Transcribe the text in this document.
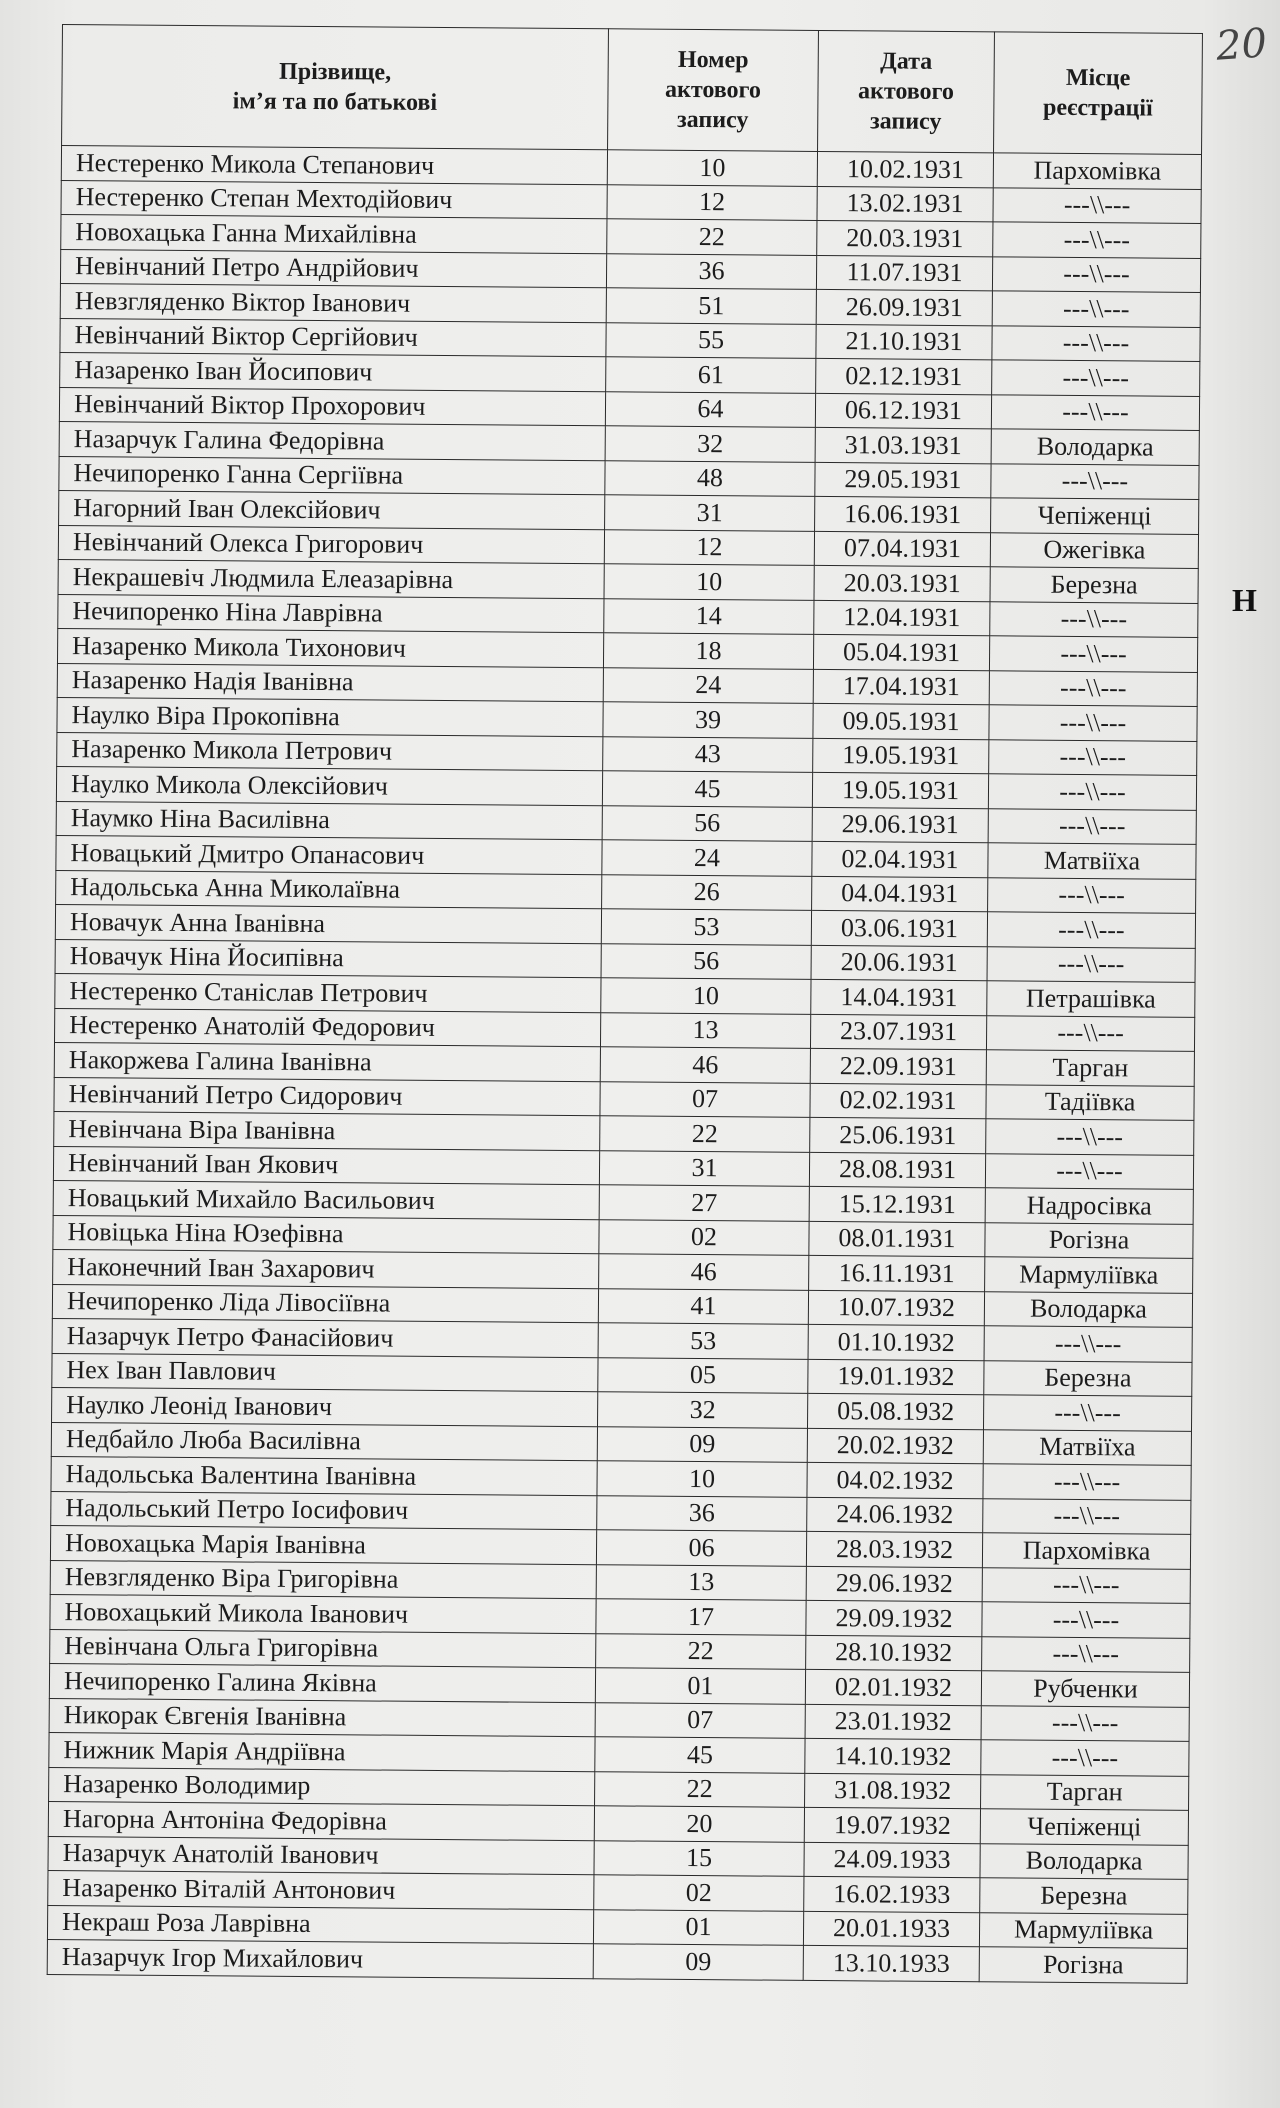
20
Н
Прізвище,
ім’я та по батькові	Номер
актового
запису	Дата
актового
запису	Місце
реєстрації

Нестеренко Микола Степанович	10	10.02.1931	Пархомівка
Нестеренко Степан Мехтодійович	12	13.02.1931	---\\---
Новохацька Ганна Михайлівна	22	20.03.1931	---\\---
Невінчаний Петро Андрійович	36	11.07.1931	---\\---
Невзгляденко Віктор Іванович	51	26.09.1931	---\\---
Невінчаний Віктор Сергійович	55	21.10.1931	---\\---
Назаренко Іван Йосипович	61	02.12.1931	---\\---
Невінчаний Віктор Прохорович	64	06.12.1931	---\\---
Назарчук Галина Федорівна	32	31.03.1931	Володарка
Нечипоренко Ганна Сергіївна	48	29.05.1931	---\\---
Нагорний Іван Олексійович	31	16.06.1931	Чепіженці
Невінчаний Олекса Григорович	12	07.04.1931	Ожегівка
Некрашевіч Людмила Елеазарівна	10	20.03.1931	Березна
Нечипоренко Ніна Лаврівна	14	12.04.1931	---\\---
Назаренко Микола Тихонович	18	05.04.1931	---\\---
Назаренко Надія Іванівна	24	17.04.1931	---\\---
Наулко Віра Прокопівна	39	09.05.1931	---\\---
Назаренко Микола Петрович	43	19.05.1931	---\\---
Наулко Микола Олексійович	45	19.05.1931	---\\---
Наумко Ніна Василівна	56	29.06.1931	---\\---
Новацький Дмитро Опанасович	24	02.04.1931	Матвіїха
Надольська Анна Миколаївна	26	04.04.1931	---\\---
Новачук Анна Іванівна	53	03.06.1931	---\\---
Новачук Ніна Йосипівна	56	20.06.1931	---\\---
Нестеренко Станіслав Петрович	10	14.04.1931	Петрашівка
Нестеренко Анатолій Федорович	13	23.07.1931	---\\---
Накоржева Галина Іванівна	46	22.09.1931	Тарган
Невінчаний Петро Сидорович	07	02.02.1931	Тадіївка
Невінчана Віра Іванівна	22	25.06.1931	---\\---
Невінчаний Іван Якович	31	28.08.1931	---\\---
Новацький Михайло Васильович	27	15.12.1931	Надросівка
Новіцька Ніна Юзефівна	02	08.01.1931	Рогізна
Наконечний Іван Захарович	46	16.11.1931	Мармуліївка
Нечипоренко Ліда Лівосіївна	41	10.07.1932	Володарка
Назарчук Петро Фанасійович	53	01.10.1932	---\\---
Нех Іван Павлович	05	19.01.1932	Березна
Наулко Леонід Іванович	32	05.08.1932	---\\---
Недбайло Люба Василівна	09	20.02.1932	Матвіїха
Надольська Валентина Іванівна	10	04.02.1932	---\\---
Надольський Петро Іосифович	36	24.06.1932	---\\---
Новохацька Марія Іванівна	06	28.03.1932	Пархомівка
Невзгляденко Віра Григорівна	13	29.06.1932	---\\---
Новохацький Микола Іванович	17	29.09.1932	---\\---
Невінчана Ольга Григорівна	22	28.10.1932	---\\---
Нечипоренко Галина Яківна	01	02.01.1932	Рубченки
Никорак Євгенія Іванівна	07	23.01.1932	---\\---
Нижник Марія Андріївна	45	14.10.1932	---\\---
Назаренко Володимир	22	31.08.1932	Тарган
Нагорна Антоніна Федорівна	20	19.07.1932	Чепіженці
Назарчук Анатолій Іванович	15	24.09.1933	Володарка
Назаренко Віталій Антонович	02	16.02.1933	Березна
Некраш Роза Лаврівна	01	20.01.1933	Мармуліївка
Назарчук Ігор Михайлович	09	13.10.1933	Рогізна
